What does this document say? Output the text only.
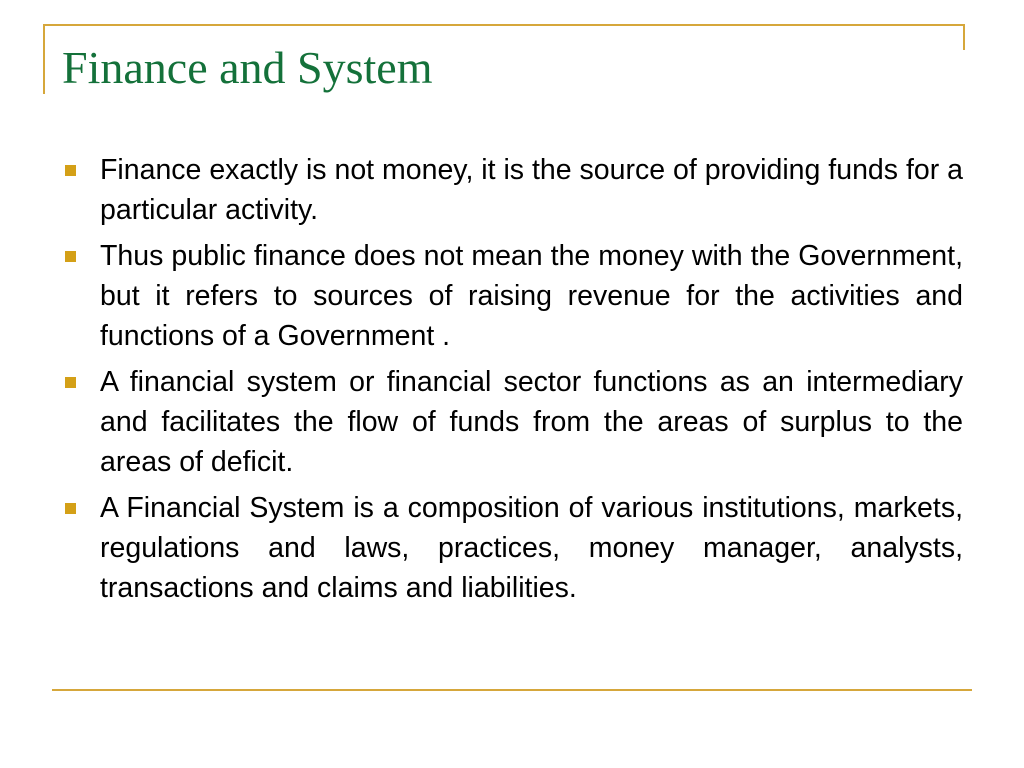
Finance and System
Finance exactly is not money, it is the source of providing funds for a particular activity.
Thus public finance does not mean the money with the Government, but it refers to sources of raising revenue for the activities and functions of a Government .
A financial system or financial sector functions as an intermediary and facilitates the flow of funds from the areas of surplus to the areas of deficit.
A Financial System is a composition of various institutions, markets, regulations and laws, practices, money manager, analysts, transactions and claims and liabilities.
